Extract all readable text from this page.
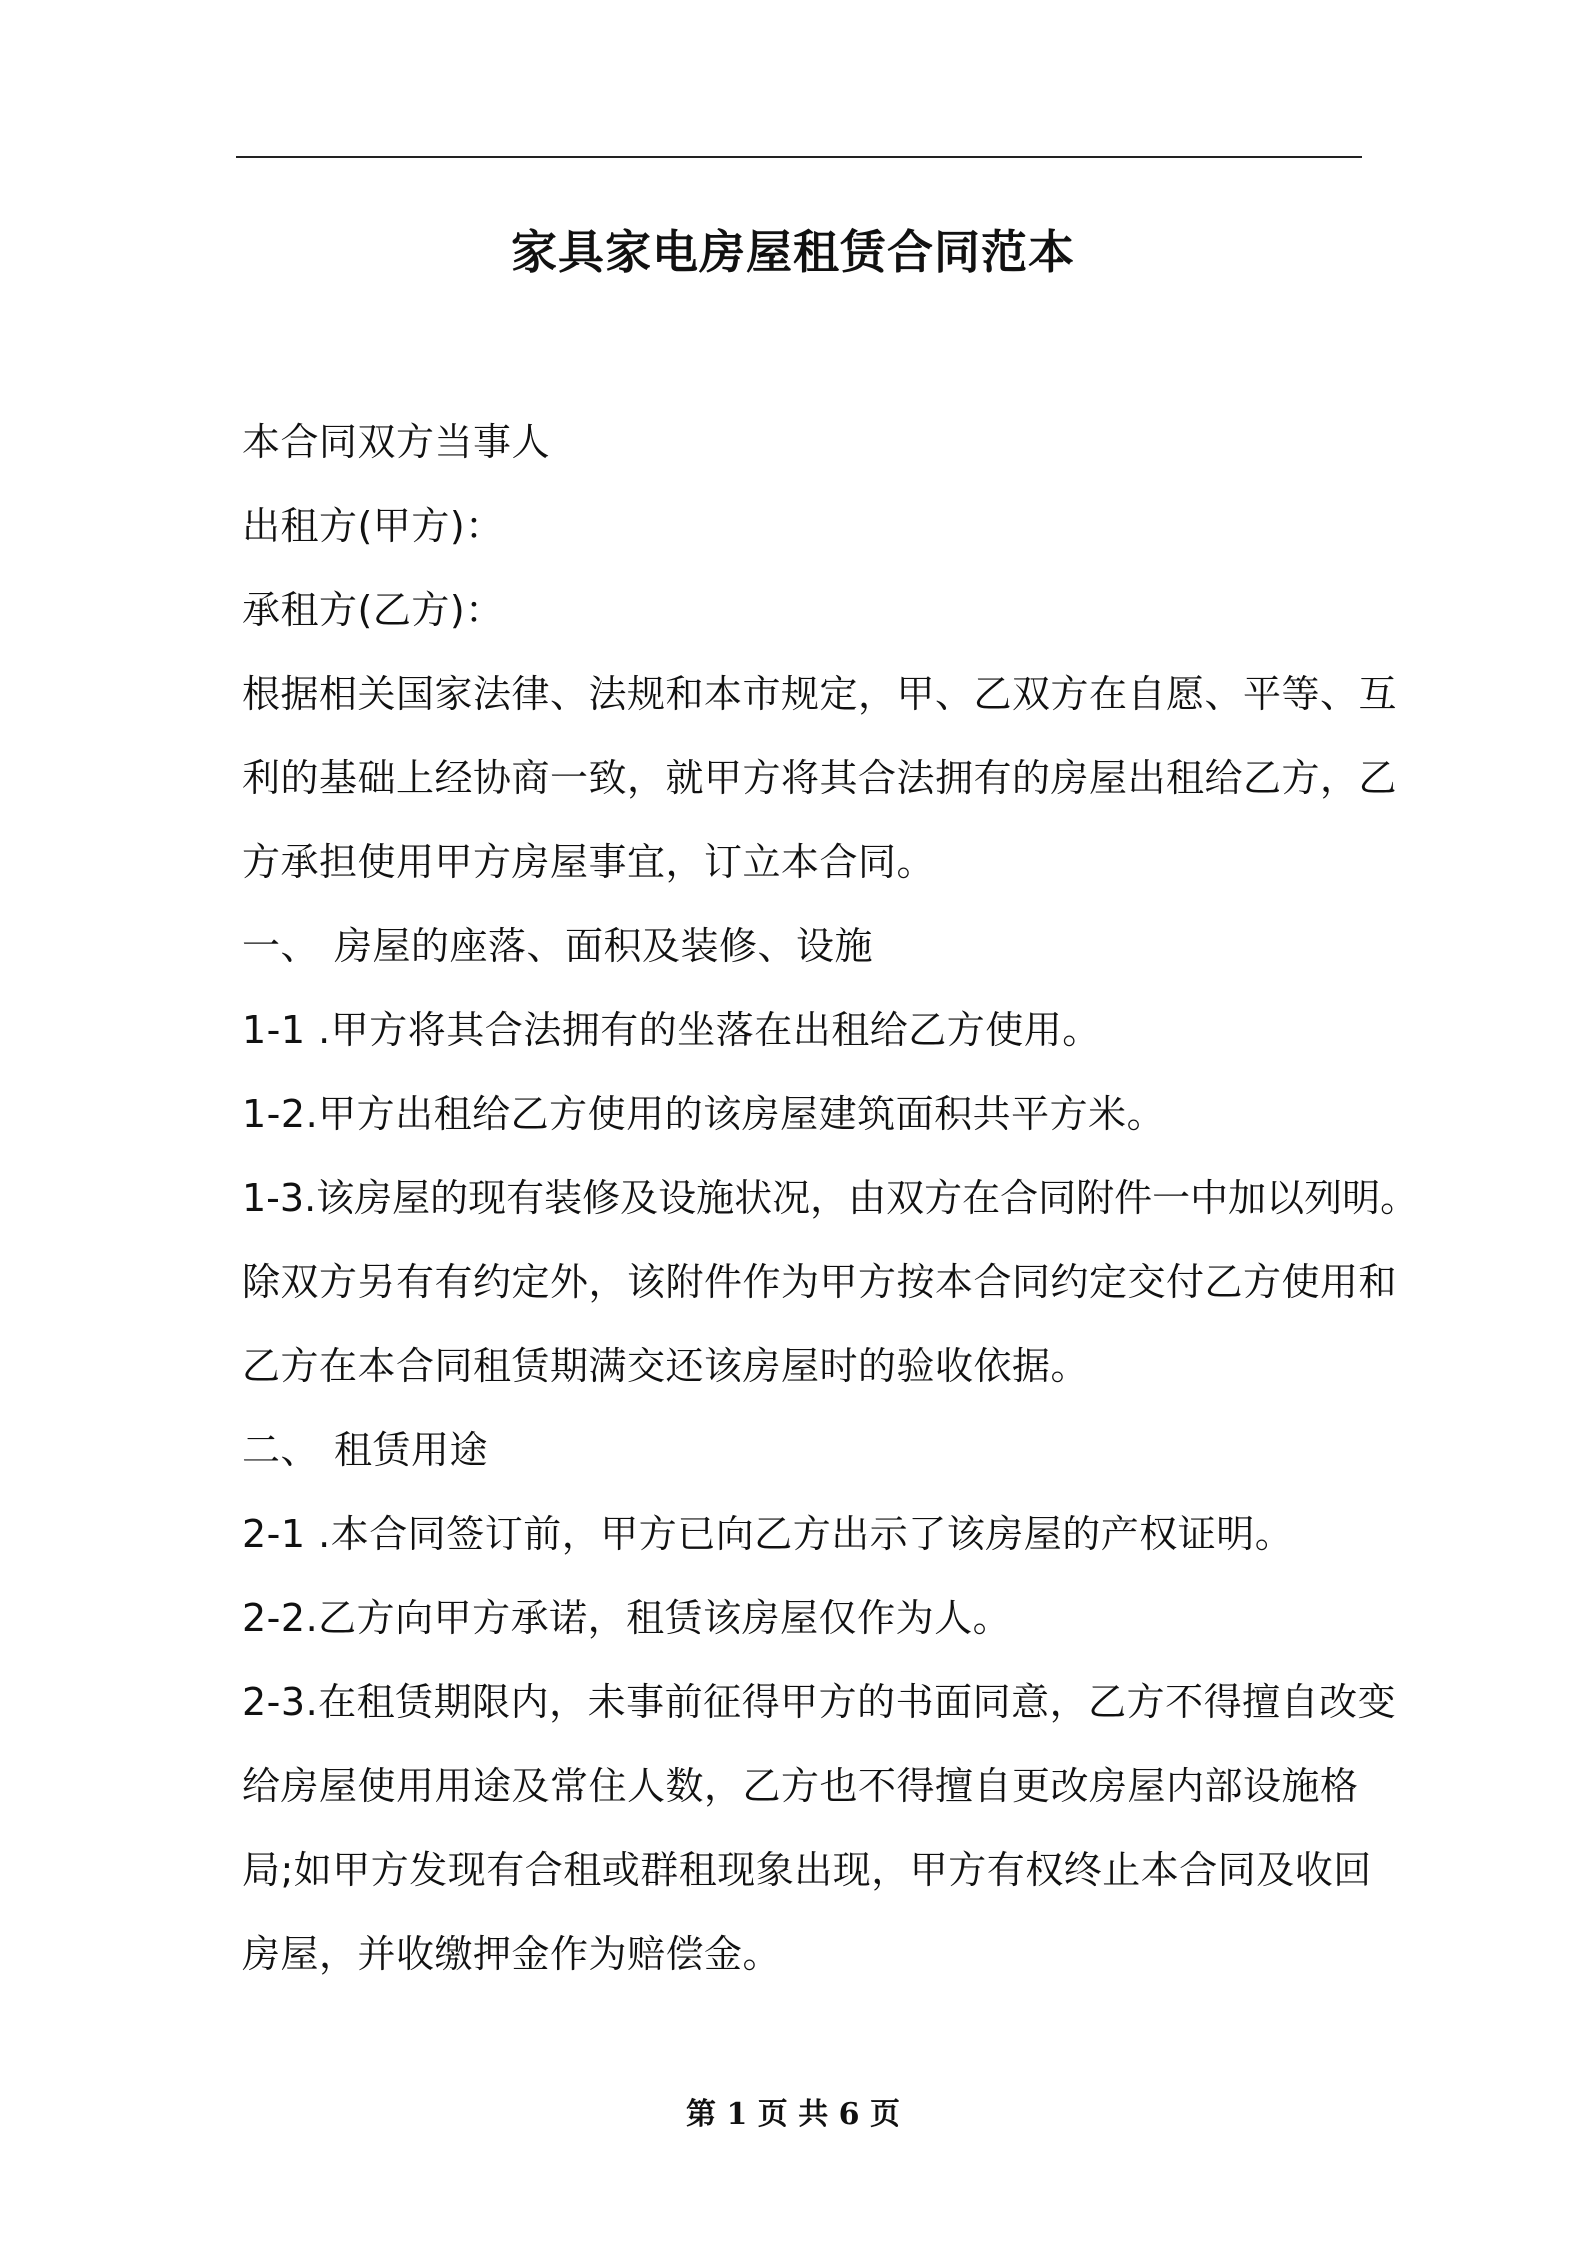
家具家电房屋租赁合同范本
本合同双方当事人
出租方(甲方)：
承租方(乙方)：
根据相关国家法律、法规和本市规定，甲、乙双方在自愿、平等、互
利的基础上经协商一致，就甲方将其合法拥有的房屋出租给乙方，乙
方承担使用甲方房屋事宜，订立本合同。
一、 房屋的座落、面积及装修、设施
1-1 .甲方将其合法拥有的坐落在出租给乙方使用。
1-2.甲方出租给乙方使用的该房屋建筑面积共平方米。
1-3.该房屋的现有装修及设施状况，由双方在合同附件一中加以列明。
除双方另有有约定外，该附件作为甲方按本合同约定交付乙方使用和
乙方在本合同租赁期满交还该房屋时的验收依据。
二、 租赁用途
2-1 .本合同签订前，甲方已向乙方出示了该房屋的产权证明。
2-2.乙方向甲方承诺，租赁该房屋仅作为人。
2-3.在租赁期限内，未事前征得甲方的书面同意，乙方不得擅自改变
给房屋使用用途及常住人数，乙方也不得擅自更改房屋内部设施格
局;如甲方发现有合租或群租现象出现，甲方有权终止本合同及收回
房屋，并收缴押金作为赔偿金。
第 1 页 共 6 页
